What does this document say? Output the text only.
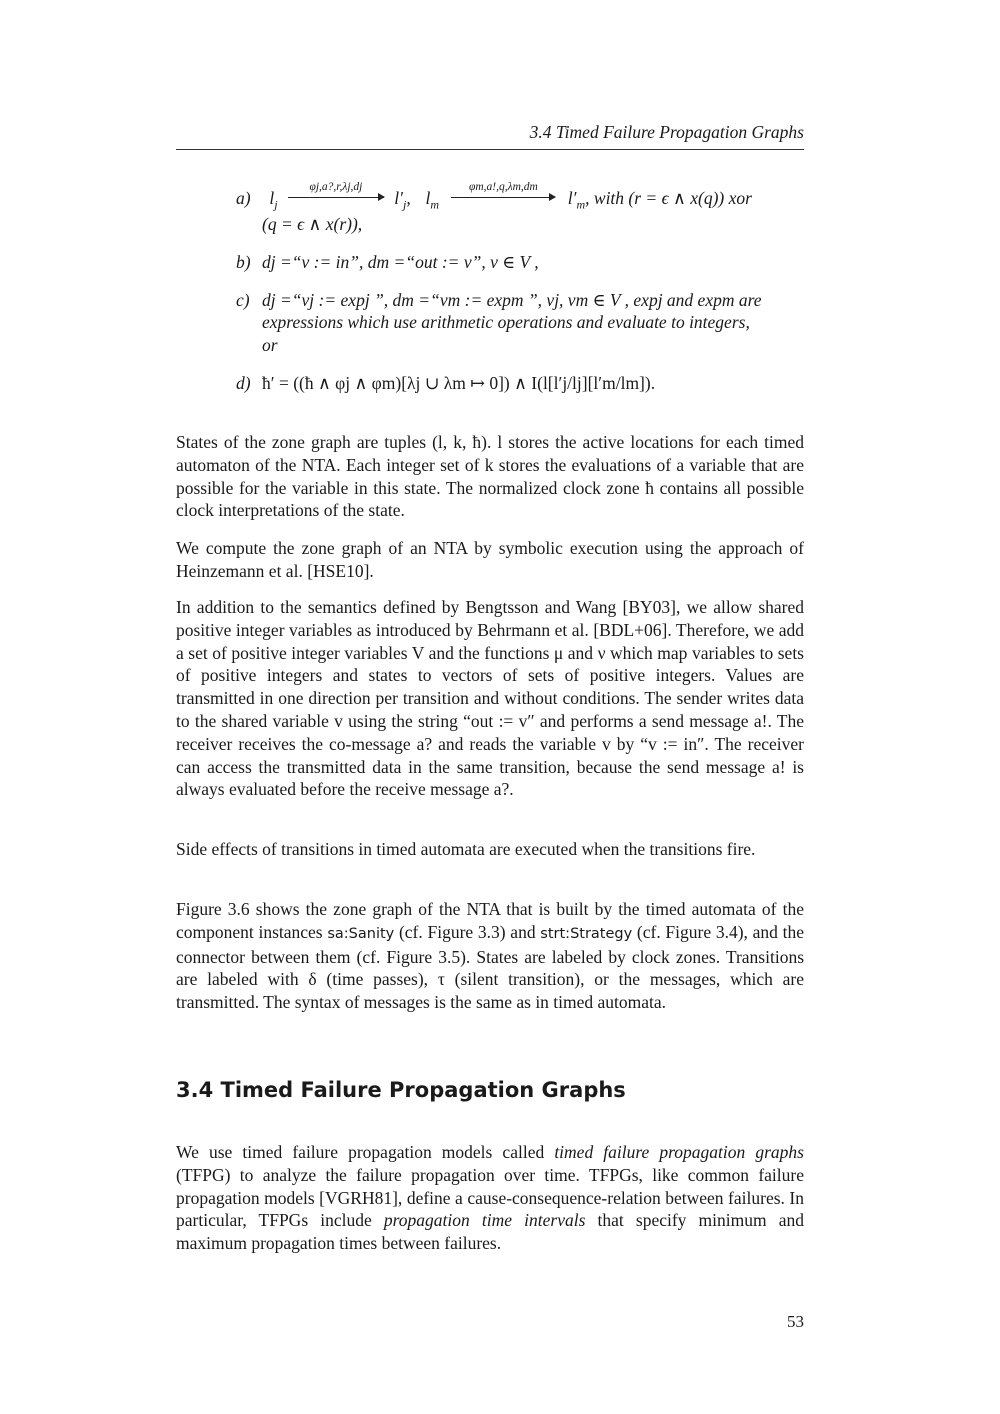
3.4 Timed Failure Propagation Graphs
a) $l_j$
φj,a?,r,λj,dj
$l'_j$, $l_m$
φm,a!,q,λm,dm
$l'_m$, with (r = ϵ ∧ x(q)) xor
(q = ϵ ∧ x(r)),
b) dj =“v := in”, dm =“out := v”, v ∈ V ,
c) dj =“vj := expj ”, dm =“vm := expm ”, vj, vm ∈ V , expj and expm are
expressions which use arithmetic operations and evaluate to integers,
or
d) ħ′ = ((ħ ∧ φj ∧ φm)[λj ∪ λm ↦ 0]) ∧ I(l[l′j/lj][l′m/lm]).

States of the zone graph are tuples (l, k, ħ). l stores the active locations for each timed automaton of the NTA. Each integer set of k stores the evaluations of a variable that are possible for the variable in this state. The normalized clock zone ħ contains all possible clock interpretations of the state.

We compute the zone graph of an NTA by symbolic execution using the approach of Heinzemann et al. [HSE10].

In addition to the semantics defined by Bengtsson and Wang [BY03], we allow shared positive integer variables as introduced by Behrmann et al. [BDL+06]. Therefore, we add a set of positive integer variables V and the functions μ and ν which map variables to sets of positive integers and states to vectors of sets of positive integers. Values are transmitted in one direction per transition and without conditions. The sender writes data to the shared variable v using the string “out := v″ and performs a send message a!. The receiver receives the co-message a? and reads the variable v by “v := in″. The receiver can access the transmitted data in the same transition, because the send message a! is always evaluated before the receive message a?.

Side effects of transitions in timed automata are executed when the transitions fire.

Figure 3.6 shows the zone graph of the NTA that is built by the timed automata of the component instances sa:Sanity (cf. Figure 3.3) and strt:Strategy (cf. Figure 3.4), and the connector between them (cf. Figure 3.5). States are labeled by clock zones. Transitions are labeled with δ (time passes), τ (silent transition), or the messages, which are transmitted. The syntax of messages is the same as in timed automata.

3.4 Timed Failure Propagation Graphs

We use timed failure propagation models called timed failure propagation graphs (TFPG) to analyze the failure propagation over time. TFPGs, like common failure propagation models [VGRH81], define a cause-consequence-relation between failures. In particular, TFPGs include propagation time intervals that specify minimum and maximum propagation times between failures.

53
